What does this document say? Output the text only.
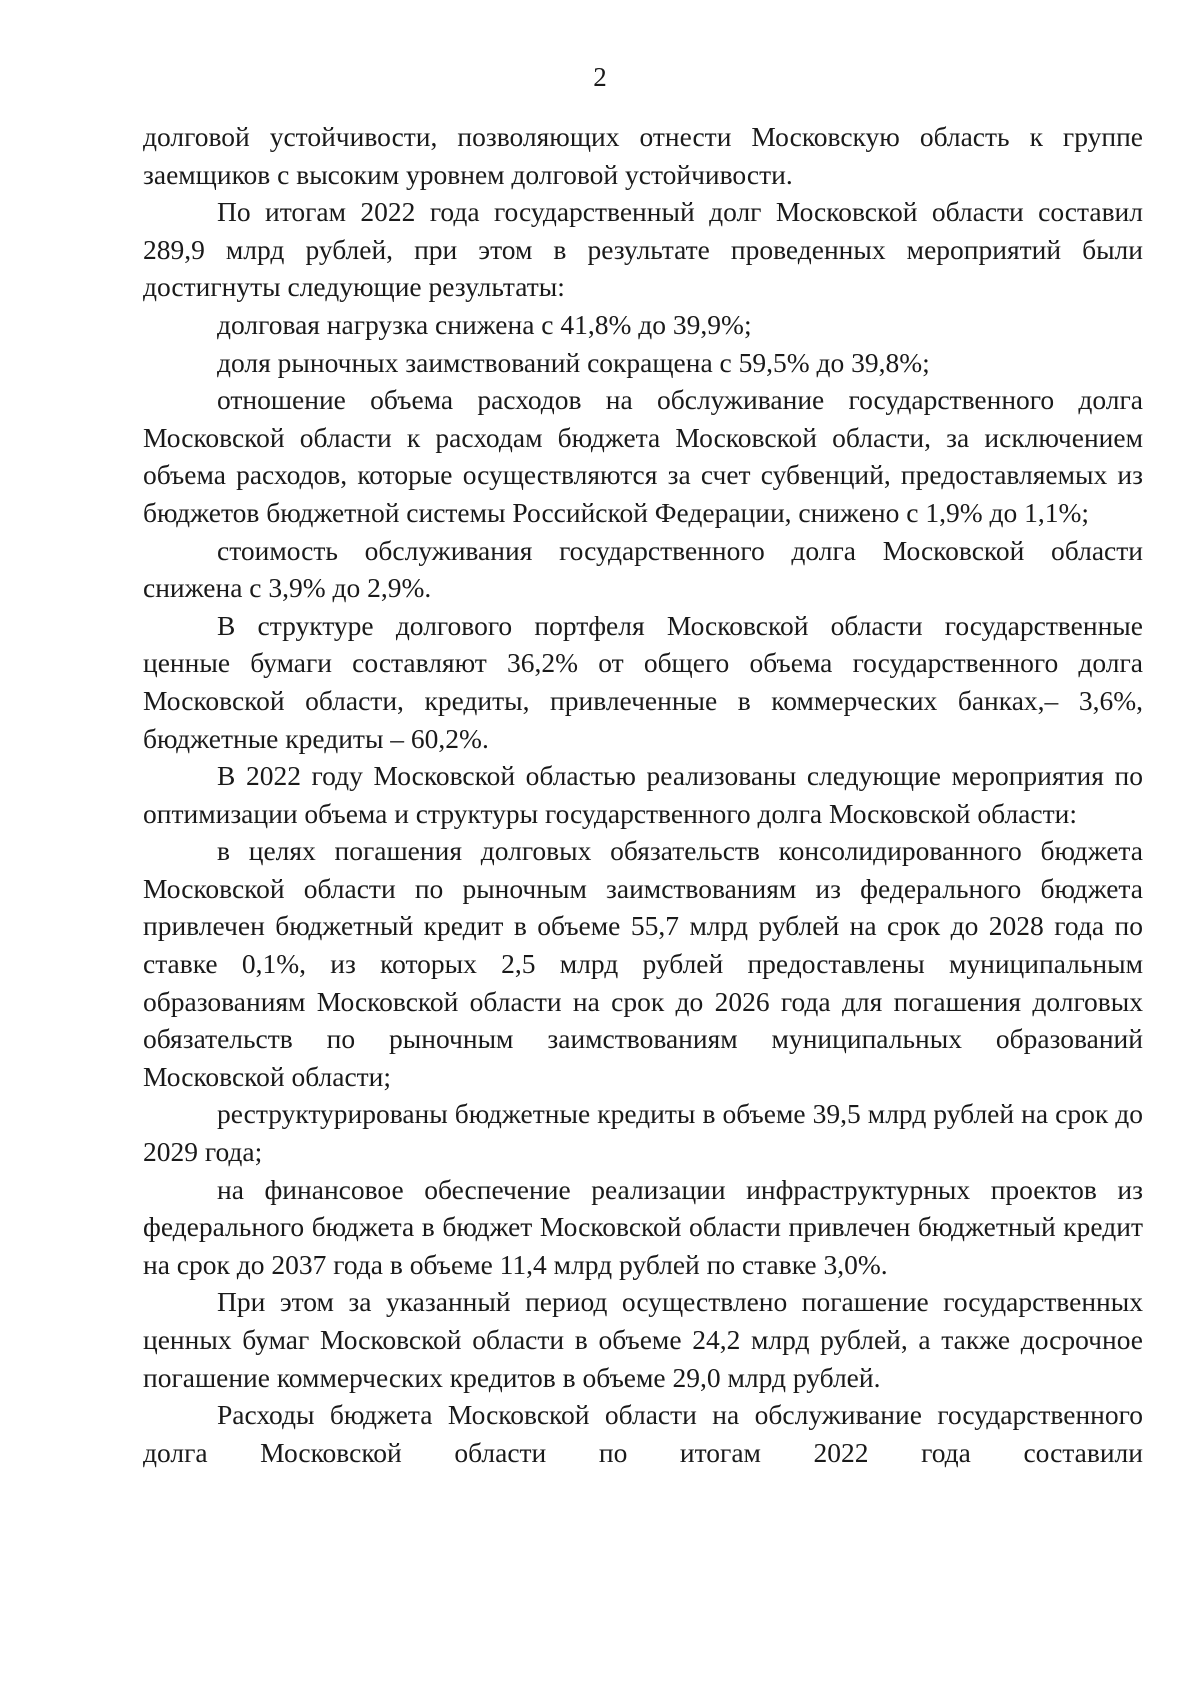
2

долговой устойчивости, позволяющих отнести Московскую область к группе заемщиков с высоким уровнем долговой устойчивости.

По итогам 2022 года государственный долг Московской области составил 289,9 млрд рублей, при этом в результате проведенных мероприятий были достигнуты следующие результаты:

долговая нагрузка снижена с 41,8% до 39,9%;

доля рыночных заимствований сокращена с 59,5% до 39,8%;

отношение объема расходов на обслуживание государственного долга Московской области к расходам бюджета Московской области, за исключением объема расходов, которые осуществляются за счет субвенций, предоставляемых из бюджетов бюджетной системы Российской Федерации, снижено с 1,9% до 1,1%;

стоимость обслуживания государственного долга Московской области снижена с 3,9% до 2,9%.

В структуре долгового портфеля Московской области государственные ценные бумаги составляют 36,2% от общего объема государственного долга Московской области, кредиты, привлеченные в коммерческих банках,– 3,6%, бюджетные кредиты – 60,2%.

В 2022 году Московской областью реализованы следующие мероприятия по оптимизации объема и структуры государственного долга Московской области:

в целях погашения долговых обязательств консолидированного бюджета Московской области по рыночным заимствованиям из федерального бюджета привлечен бюджетный кредит в объеме 55,7 млрд рублей на срок до 2028 года по ставке 0,1%, из которых 2,5 млрд рублей предоставлены муниципальным образованиям Московской области на срок до 2026 года для погашения долговых обязательств по рыночным заимствованиям муниципальных образований Московской области;

реструктурированы бюджетные кредиты в объеме 39,5 млрд рублей на срок до 2029 года;

на финансовое обеспечение реализации инфраструктурных проектов из федерального бюджета в бюджет Московской области привлечен бюджетный кредит на срок до 2037 года в объеме 11,4 млрд рублей по ставке 3,0%.

При этом за указанный период осуществлено погашение государственных ценных бумаг Московской области в объеме 24,2 млрд рублей, а также досрочное погашение коммерческих кредитов в объеме 29,0 млрд рублей.

Расходы бюджета Московской области на обслуживание государственного долга Московской области по итогам 2022 года составили
